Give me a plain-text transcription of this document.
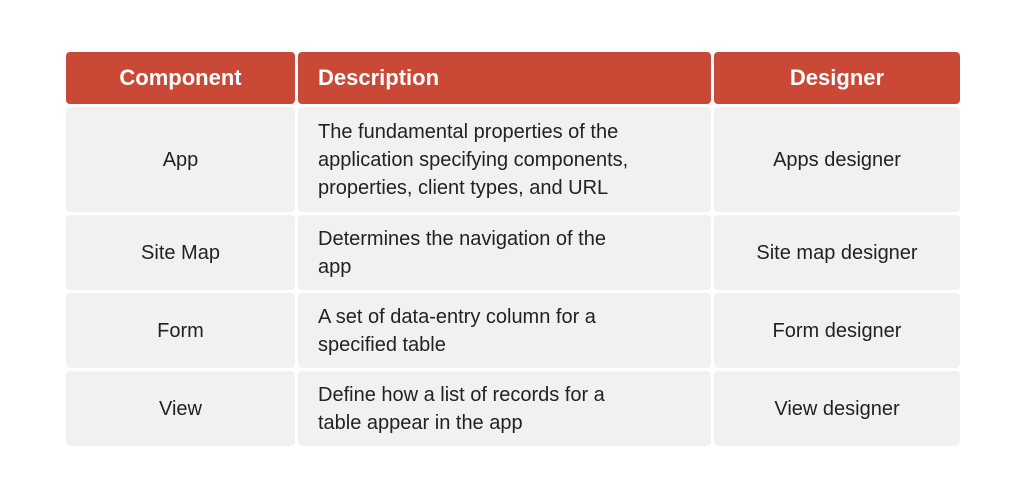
Component	Description	Designer
App
The fundamental properties of the
application specifying components,
properties, client types, and URL
Apps designer
Site Map
Determines the navigation of the
app
Site map designer
Form
A set of data-entry column for a
specified table
Form designer
View
Define how a list of records for a
table appear in the app
View designer
